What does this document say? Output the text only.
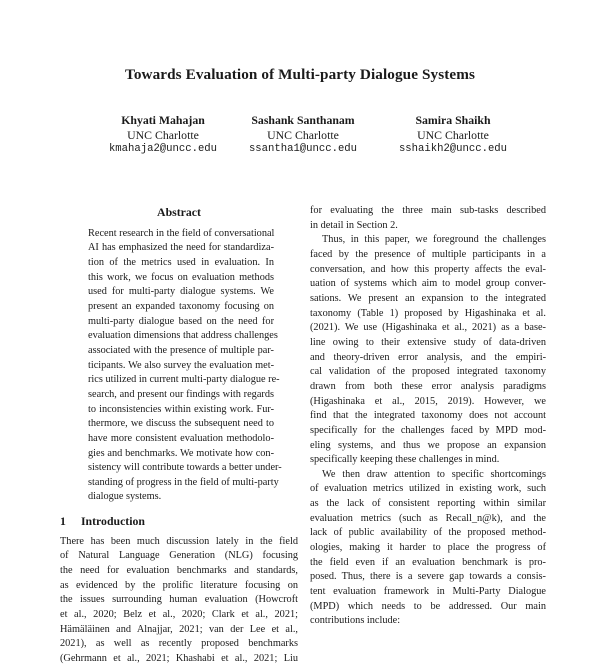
Towards Evaluation of Multi-party Dialogue Systems
Khyati Mahajan
UNC Charlotte
kmahaja2@uncc.edu
Sashank Santhanam
UNC Charlotte
ssantha1@uncc.edu
Samira Shaikh
UNC Charlotte
sshaikh2@uncc.edu
Abstract
Recent research in the field of conversational
AI has emphasized the need for standardiza-
tion of the metrics used in evaluation. In
this work, we focus on evaluation methods
used for multi-party dialogue systems. We
present an expanded taxonomy focusing on
multi-party dialogue based on the need for
evaluation dimensions that address challenges
associated with the presence of multiple par-
ticipants. We also survey the evaluation met-
rics utilized in current multi-party dialogue re-
search, and present our findings with regards
to inconsistencies within existing work. Fur-
thermore, we discuss the subsequent need to
have more consistent evaluation methodolo-
gies and benchmarks. We motivate how con-
sistency will contribute towards a better under-
standing of progress in the field of multi-party
dialogue systems.
1 Introduction
There has been much discussion lately in the field
of Natural Language Generation (NLG) focusing
the need for evaluation benchmarks and standards,
as evidenced by the prolific literature focusing on
the issues surrounding human evaluation (Howcroft
et al., 2020; Belz et al., 2020; Clark et al., 2021;
Hämäläinen and Alnajjar, 2021; van der Lee et al.,
2021), as well as recently proposed benchmarks
(Gehrmann et al., 2021; Khashabi et al., 2021; Liu
for evaluating the three main sub-tasks described
in detail in Section 2.
Thus, in this paper, we foreground the challenges
faced by the presence of multiple participants in a
conversation, and how this property affects the eval-
uation of systems which aim to model group conver-
sations. We present an expansion to the integrated
taxonomy (Table 1) proposed by Higashinaka et al.
(2021). We use (Higashinaka et al., 2021) as a base-
line owing to their extensive study of data-driven
and theory-driven error analysis, and the empiri-
cal validation of the proposed integrated taxonomy
drawn from both these error analysis paradigms
(Higashinaka et al., 2015, 2019). However, we
find that the integrated taxonomy does not account
specifically for the challenges faced by MPD mod-
eling systems, and thus we propose an expansion
specifically keeping these challenges in mind.
We then draw attention to specific shortcomings
of evaluation metrics utilized in existing work, such
as the lack of consistent reporting within similar
evaluation metrics (such as Recall_n@k), and the
lack of public availability of the proposed method-
ologies, making it harder to place the progress of
the field even if an evaluation benchmark is pro-
posed. Thus, there is a severe gap towards a consis-
tent evaluation framework in Multi-Party Dialogue
(MPD) which needs to be addressed. Our main
contributions include:
